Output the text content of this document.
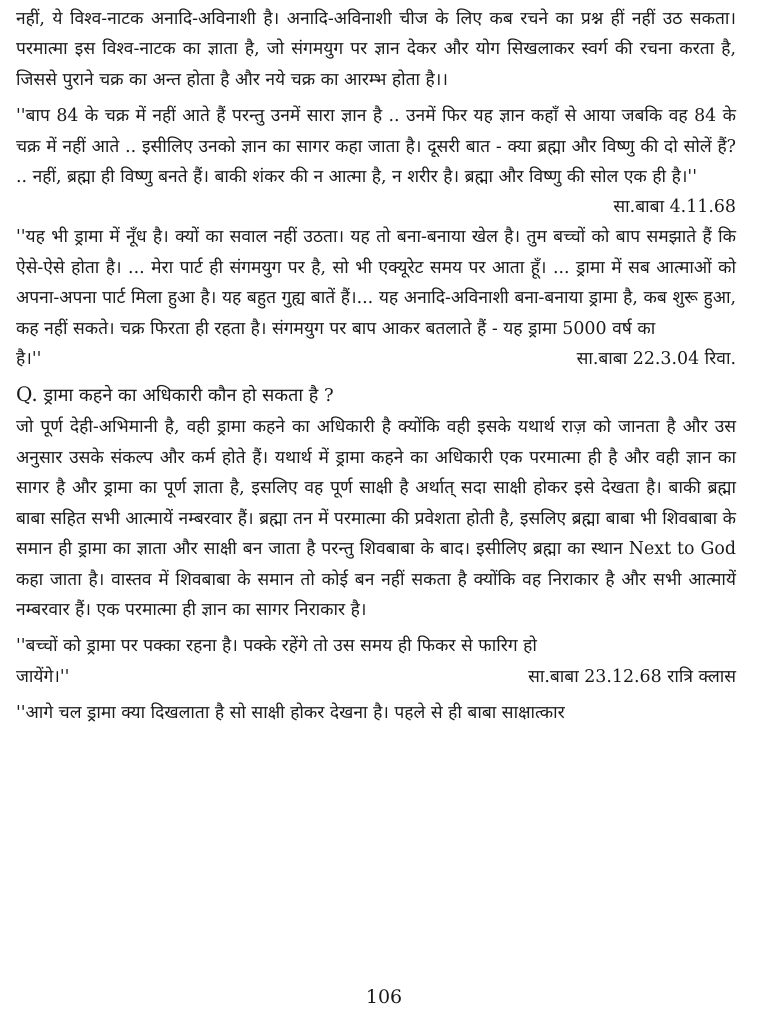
नहीं, ये विश्व-नाटक अनादि-अविनाशी है। अनादि-अविनाशी चीज के लिए कब रचने का प्रश्न हीं नहीं उठ सकता। परमात्मा इस विश्व-नाटक का ज्ञाता है, जो संगमयुग पर ज्ञान देकर और योग सिखलाकर स्वर्ग की रचना करता है, जिससे पुराने चक्र का अन्त होता है और नये चक्र का आरम्भ होता है।।

''बाप 84 के चक्र में नहीं आते हैं परन्तु उनमें सारा ज्ञान है .. उनमें फिर यह ज्ञान कहाँ से आया जबकि वह 84 के चक्र में नहीं आते .. इसीलिए उनको ज्ञान का सागर कहा जाता है। दूसरी बात - क्या ब्रह्मा और विष्णु की दो सोलें हैं? .. नहीं, ब्रह्मा ही विष्णु बनते हैं। बाकी शंकर की न आत्मा है, न शरीर है। ब्रह्मा और विष्णु की सोल एक ही है।''

सा.बाबा 4.11.68

''यह भी ड्रामा में नूँध है। क्यों का सवाल नहीं उठता। यह तो बना-बनाया खेल है। तुम बच्चों को बाप समझाते हैं कि ऐसे-ऐसे होता है। ... मेरा पार्ट ही संगमयुग पर है, सो भी एक्यूरेट समय पर आता हूँ। ... ड्रामा में सब आत्माओं को अपना-अपना पार्ट मिला हुआ है। यह बहुत गुह्य बातें हैं।... यह अनादि-अविनाशी बना-बनाया ड्रामा है, कब शुरू हुआ, कह नहीं सकते। चक्र फिरता ही रहता है। संगमयुग पर बाप आकर बतलाते हैं - यह ड्रामा 5000 वर्ष का

है।''	सा.बाबा 22.3.04 रिवा.
Q. ड्रामा कहने का अधिकारी कौन हो सकता है ?

जो पूर्ण देही-अभिमानी है, वही ड्रामा कहने का अधिकारी है क्योंकि वही इसके यथार्थ राज़ को जानता है और उस अनुसार उसके संकल्प और कर्म होते हैं। यथार्थ में ड्रामा कहने का अधिकारी एक परमात्मा ही है और वही ज्ञान का सागर है और ड्रामा का पूर्ण ज्ञाता है, इसलिए वह पूर्ण साक्षी है अर्थात् सदा साक्षी होकर इसे देखता है। बाकी ब्रह्मा बाबा सहित सभी आत्मायें नम्बरवार हैं। ब्रह्मा तन में परमात्मा की प्रवेशता होती है, इसलिए ब्रह्मा बाबा भी शिवबाबा के समान ही ड्रामा का ज्ञाता और साक्षी बन जाता है परन्तु शिवबाबा के बाद। इसीलिए ब्रह्मा का स्थान Next to God कहा जाता है। वास्तव में शिवबाबा के समान तो कोई बन नहीं सकता है क्योंकि वह निराकार है और सभी आत्मायें नम्बरवार हैं। एक परमात्मा ही ज्ञान का सागर निराकार है।

''बच्चों को ड्रामा पर पक्का रहना है। पक्के रहेंगे तो उस समय ही फिकर से फारिग हो

जायेंगे।''	सा.बाबा 23.12.68 रात्रि क्लास

''आगे चल ड्रामा क्या दिखलाता है सो साक्षी होकर देखना है। पहले से ही बाबा साक्षात्कार

106
